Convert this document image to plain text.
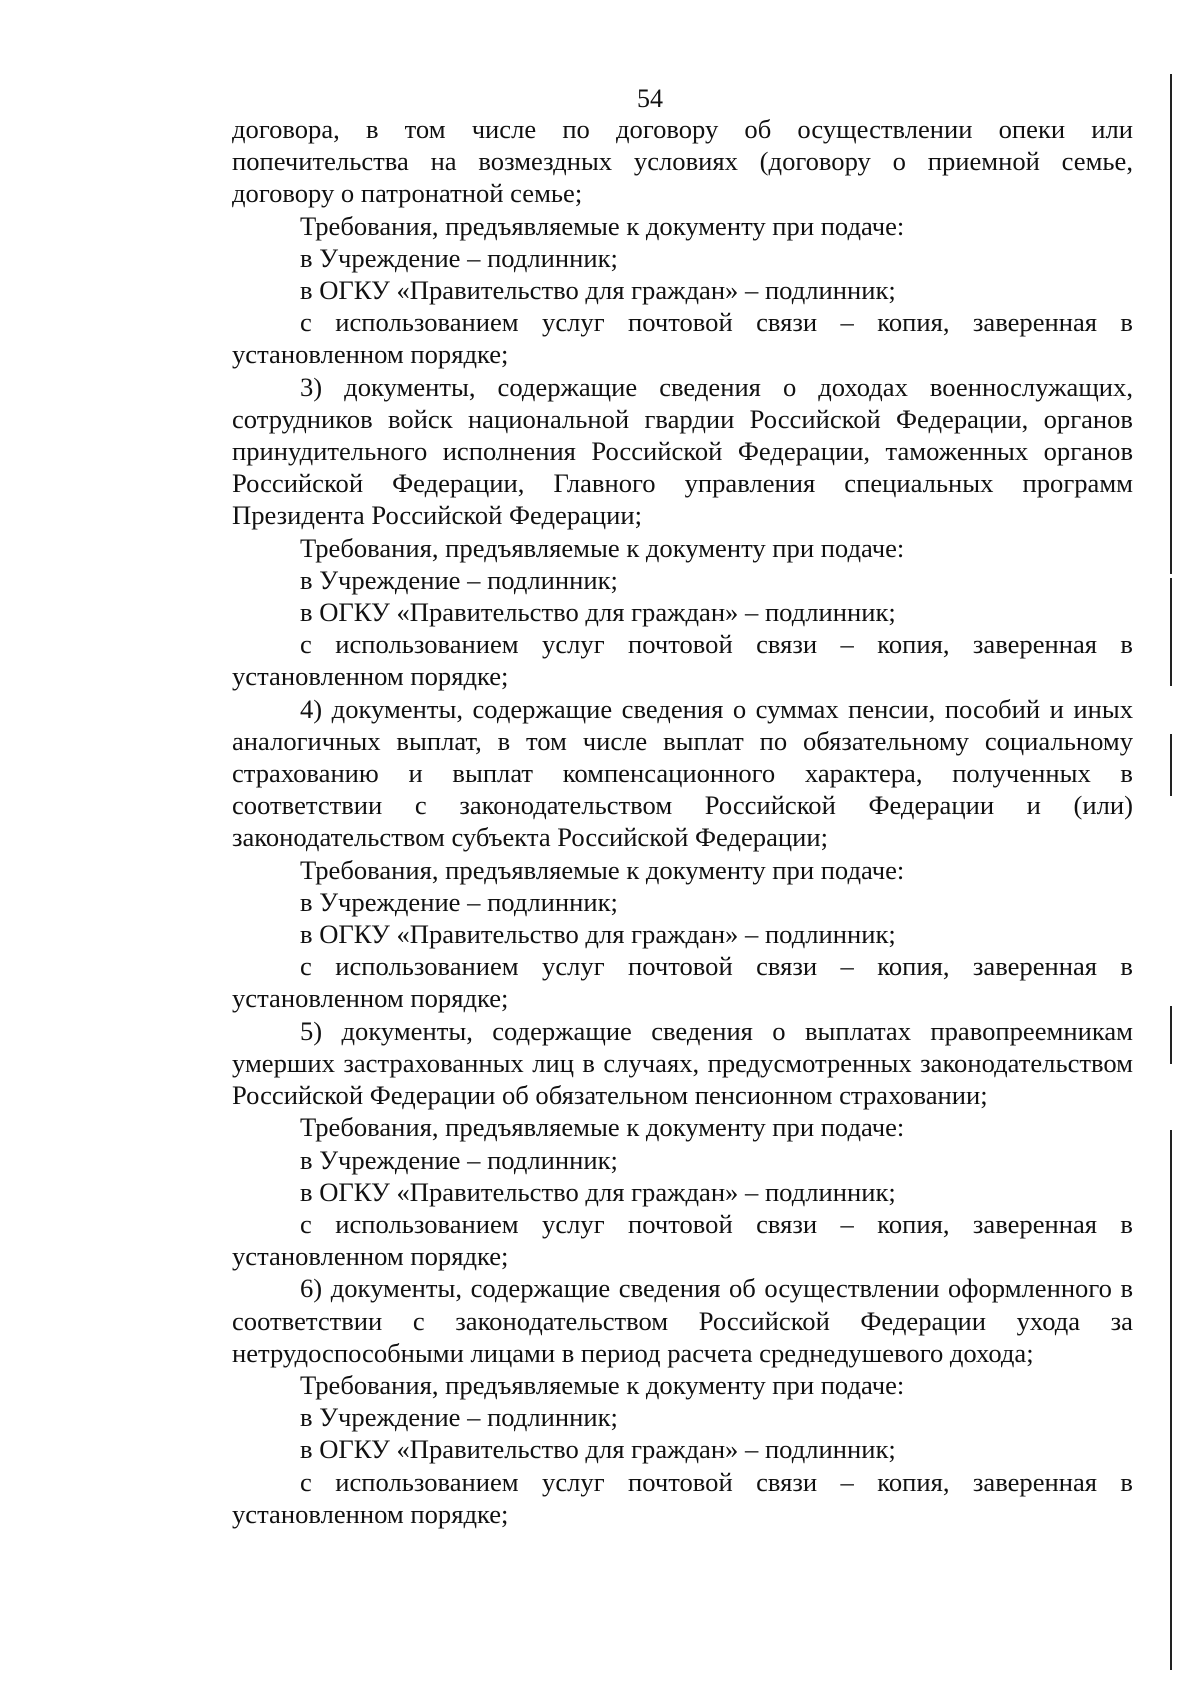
54

договора, в том числе по договору об осуществлении опеки или попечительства на возмездных условиях (договору о приемной семье, договору о патронатной семье;

Требования, предъявляемые к документу при подаче:

в Учреждение – подлинник;

в ОГКУ «Правительство для граждан» – подлинник;

с использованием услуг почтовой связи – копия, заверенная в установленном порядке;

3) документы, содержащие сведения о доходах военнослужащих, сотрудников войск национальной гвардии Российской Федерации, органов принудительного исполнения Российской Федерации, таможенных органов Российской Федерации, Главного управления специальных программ Президента Российской Федерации;

Требования, предъявляемые к документу при подаче:

в Учреждение – подлинник;

в ОГКУ «Правительство для граждан» – подлинник;

с использованием услуг почтовой связи – копия, заверенная в установленном порядке;

4) документы, содержащие сведения о суммах пенсии, пособий и иных аналогичных выплат, в том числе выплат по обязательному социальному страхованию и выплат компенсационного характера, полученных в соответствии с законодательством Российской Федерации и (или) законодательством субъекта Российской Федерации;

Требования, предъявляемые к документу при подаче:

в Учреждение – подлинник;

в ОГКУ «Правительство для граждан» – подлинник;

с использованием услуг почтовой связи – копия, заверенная в установленном порядке;

5) документы, содержащие сведения о выплатах правопреемникам умерших застрахованных лиц в случаях, предусмотренных законодательством Российской Федерации об обязательном пенсионном страховании;

Требования, предъявляемые к документу при подаче:

в Учреждение – подлинник;

в ОГКУ «Правительство для граждан» – подлинник;

с использованием услуг почтовой связи – копия, заверенная в установленном порядке;

6) документы, содержащие сведения об осуществлении оформленного в соответствии с законодательством Российской Федерации ухода за нетрудоспособными лицами в период расчета среднедушевого дохода;

Требования, предъявляемые к документу при подаче:

в Учреждение – подлинник;

в ОГКУ «Правительство для граждан» – подлинник;

с использованием услуг почтовой связи – копия, заверенная в установленном порядке;
